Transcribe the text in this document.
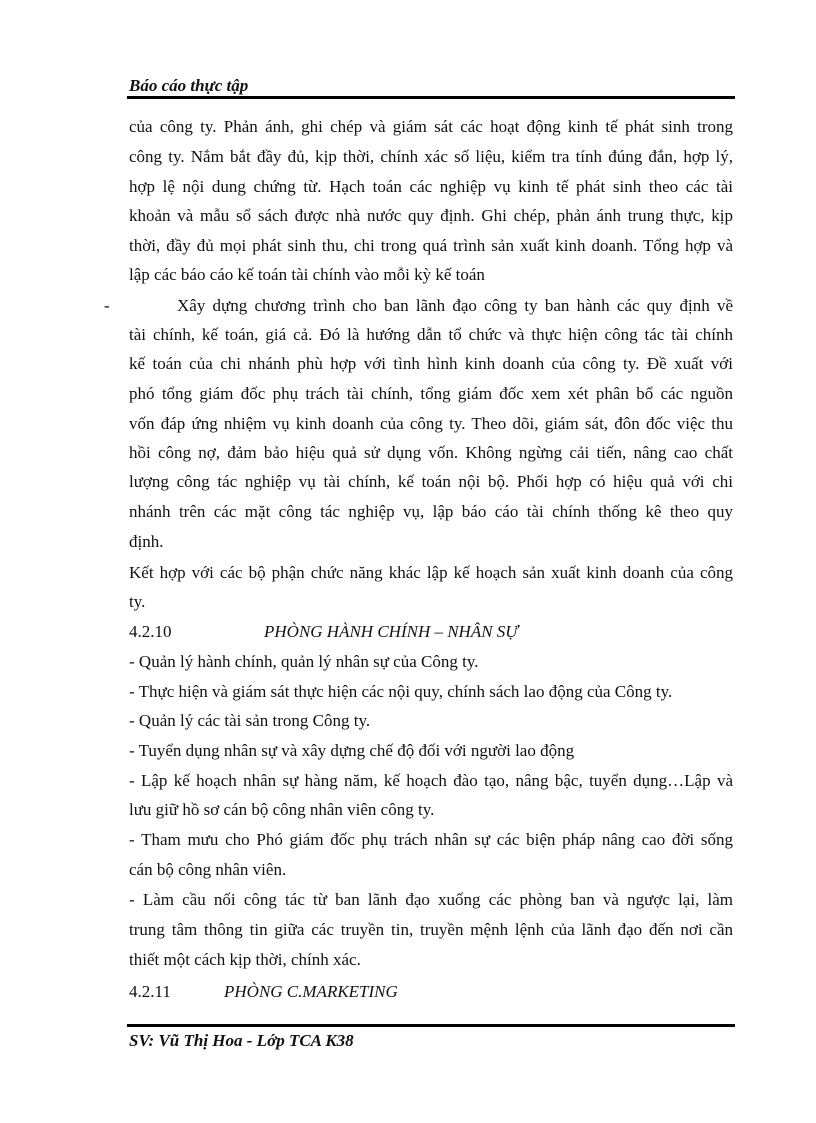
Báo cáo thực tập
của công ty. Phản ánh, ghi chép và giám sát các hoạt động kinh tế phát sinh trong
công ty. Nắm bắt đầy đủ, kịp thời, chính xác số liệu, kiểm tra tính đúng đắn, hợp lý,
hợp lệ nội dung chứng từ. Hạch toán các nghiệp vụ kinh tế phát sinh theo các tài
khoản và mẫu sổ sách được nhà nước quy định. Ghi chép, phản ánh trung thực, kịp
thời, đầy đủ mọi phát sinh thu, chi trong quá trình sản xuất kinh doanh. Tổng hợp và
lập các báo cáo kế toán tài chính vào mỗi kỳ kế toán
-	Xây dựng chương trình cho ban lãnh đạo công ty ban hành các quy định về
tài chính, kế toán, giá cả. Đó là hướng dẫn tổ chức và thực hiện công tác tài chính
kế toán của chi nhánh phù hợp với tình hình kinh doanh của công ty. Đề xuất với
phó tổng giám đốc phụ trách tài chính, tổng giám đốc xem xét phân bổ các nguồn
vốn đáp ứng nhiệm vụ kinh doanh của công ty. Theo dõi, giám sát, đôn đốc việc thu
hồi công nợ, đảm bảo hiệu quả sử dụng vốn. Không ngừng cải tiến, nâng cao chất
lượng công tác nghiệp vụ tài chính, kế toán nội bộ. Phối hợp có hiệu quả với chi
nhánh trên các mặt công tác nghiệp vụ, lập báo cáo tài chính thống kê theo quy
định.
Kết hợp với các bộ phận chức năng khác lập kế hoạch sản xuất kinh doanh của công
ty.
4.2.10	PHÒNG HÀNH CHÍNH – NHÂN SỰ
- Quản lý hành chính, quản lý nhân sự của Công ty.
- Thực hiện và giám sát thực hiện các nội quy, chính sách lao động của Công ty.
- Quản lý các tài sản trong Công ty.
- Tuyển dụng nhân sự và xây dựng chế độ đối với người lao động
- Lập kế hoạch nhân sự hàng năm, kế hoạch đào tạo, nâng bậc, tuyển dụng…Lập và
lưu giữ hồ sơ cán bộ công nhân viên công ty.
- Tham mưu cho Phó giám đốc phụ trách nhân sự các biện pháp nâng cao đời sống
cán bộ công nhân viên.
- Làm cầu nối công tác từ ban lãnh đạo xuống các phòng ban và ngược lại, làm
trung tâm thông tin giữa các truyền tin, truyền mệnh lệnh của lãnh đạo đến nơi cần
thiết một cách kịp thời, chính xác.
4.2.11	PHÒNG C.MARKETING
SV: Vũ Thị Hoa - Lớp TCA K38
